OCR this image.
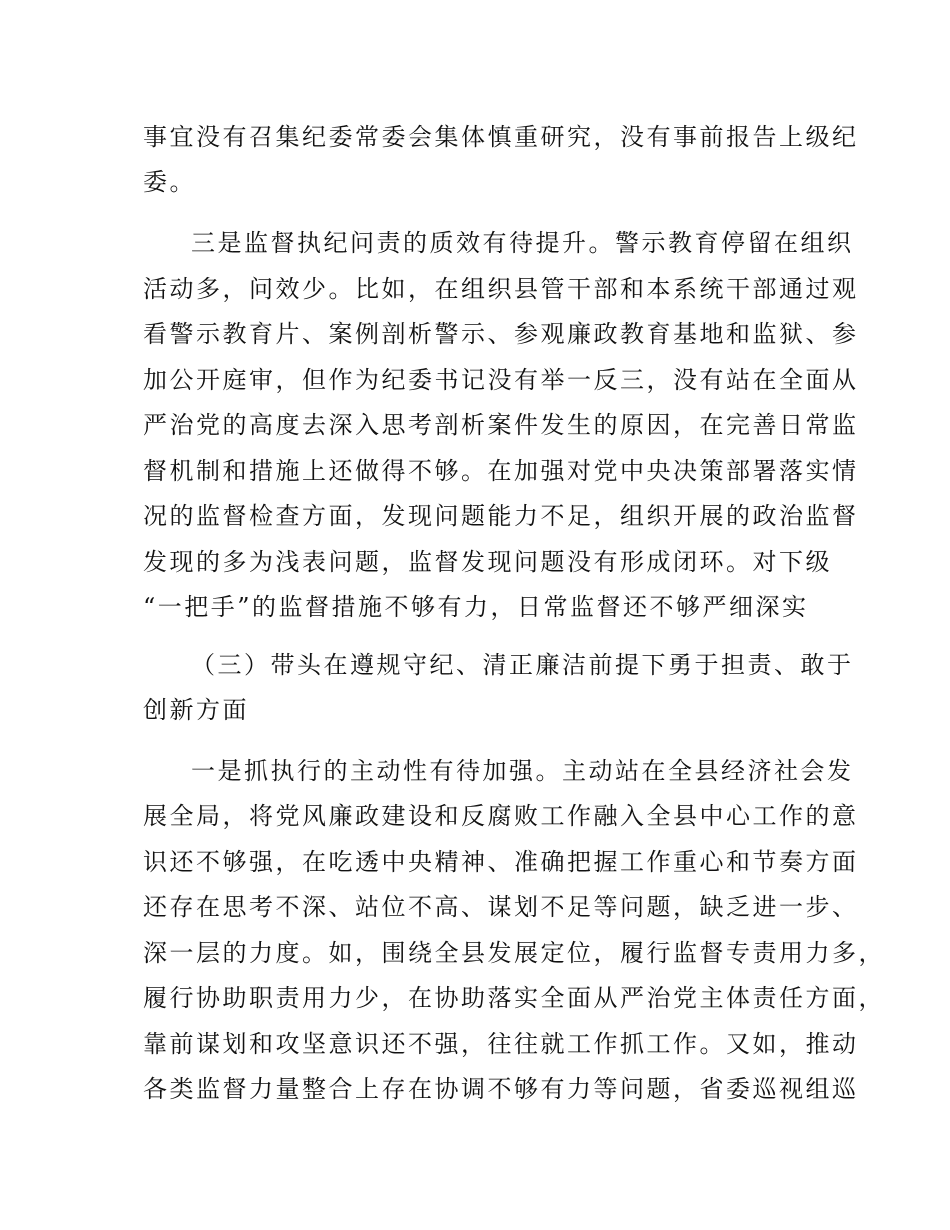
事宜没有召集纪委常委会集体慎重研究，没有事前报告上级纪
委。
三是监督执纪问责的质效有待提升。警示教育停留在组织
活动多，问效少。比如，在组织县管干部和本系统干部通过观
看警示教育片、案例剖析警示、参观廉政教育基地和监狱、参
加公开庭审，但作为纪委书记没有举一反三，没有站在全面从
严治党的高度去深入思考剖析案件发生的原因，在完善日常监
督机制和措施上还做得不够。在加强对党中央决策部署落实情
况的监督检查方面，发现问题能力不足，组织开展的政治监督
发现的多为浅表问题，监督发现问题没有形成闭环。对下级
“一把手”的监督措施不够有力，日常监督还不够严细深实
（三）带头在遵规守纪、清正廉洁前提下勇于担责、敢于
创新方面
一是抓执行的主动性有待加强。主动站在全县经济社会发
展全局，将党风廉政建设和反腐败工作融入全县中心工作的意
识还不够强，在吃透中央精神、准确把握工作重心和节奏方面
还存在思考不深、站位不高、谋划不足等问题，缺乏进一步、
深一层的力度。如，围绕全县发展定位，履行监督专责用力多，
履行协助职责用力少，在协助落实全面从严治党主体责任方面，
靠前谋划和攻坚意识还不强，往往就工作抓工作。又如，推动
各类监督力量整合上存在协调不够有力等问题，省委巡视组巡
